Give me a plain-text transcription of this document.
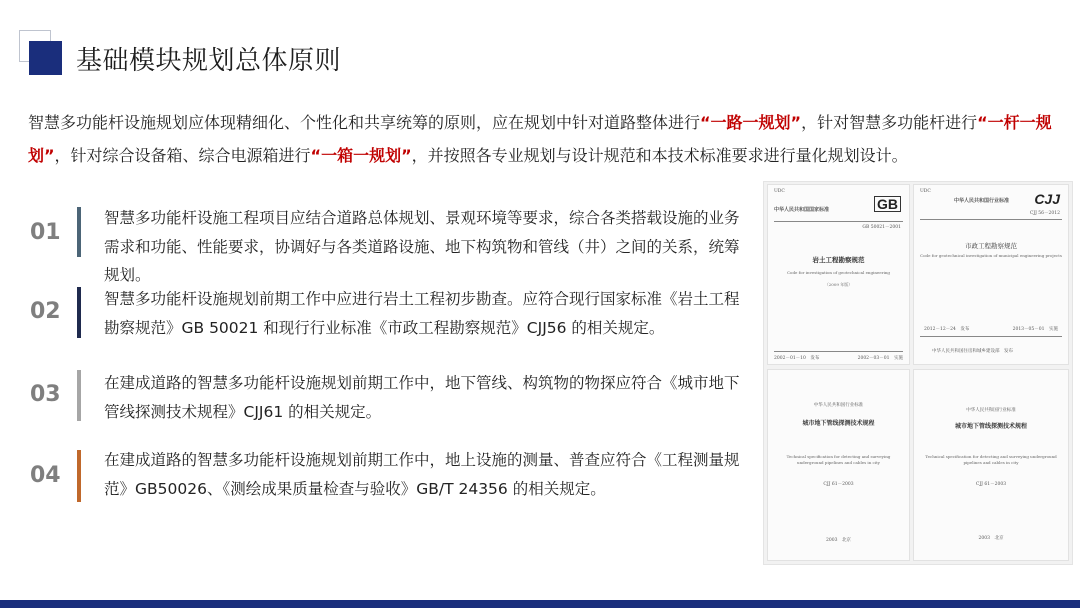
基础模块规划总体原则
智慧多功能杆设施规划应体现精细化、个性化和共享统筹的原则，应在规划中针对道路整体进行“一路一规划”，针对智慧多功能杆进行“一杆一规划”，针对综合设备箱、综合电源箱进行“一箱一规划”，并按照各专业规划与设计规范和本技术标准要求进行量化规划设计。
01
智慧多功能杆设施工程项目应结合道路总体规划、景观环境等要求，综合各类搭载设施的业务需求和功能、性能要求，协调好与各类道路设施、地下构筑物和管线（井）之间的关系，统筹规划。
02	智慧多功能杆设施规划前期工作中应进行岩土工程初步勘查。应符合现行国家标准《岩土工程勘察规范》GB 50021 和现行行业标准《市政工程勘察规范》CJJ56 的相关规定。
03	在建成道路的智慧多功能杆设施规划前期工作中，地下管线、构筑物的物探应符合《城市地下管线探测技术规程》CJJ61 的相关规定。
04
在建成道路的智慧多功能杆设施规划前期工作中，地上设施的测量、普查应符合《工程测量规范》GB50026、《测绘成果质量检查与验收》GB/T 24356 的相关规定。
UDC
中华人民共和国国家标准	GB
GB 50021－2001
岩土工程勘察规范
Code for investigation of geotechnical engineering
（2009 年版）
2002－01－10　发布	2002－03－01　实施
UDC
中华人民共和国行业标准 CJJ
CJJ 56－2012
市政工程勘察规范
Code for geotechnical investigation of municipal engineering projects
2012－12－24　发布	2013－05－01　实施
中华人民共和国住房和城乡建设部　发布
中华人民共和国行业标准
城市地下管线探测技术规程
Technical specification for detecting and surveying underground pipelines and cables in city
CJJ 61－2003
2003　北京
中华人民共和国行业标准
城市地下管线探测技术规程
Technical specification for detecting and surveying underground pipelines and cables in city
CJJ 61－2003
2003　北京
